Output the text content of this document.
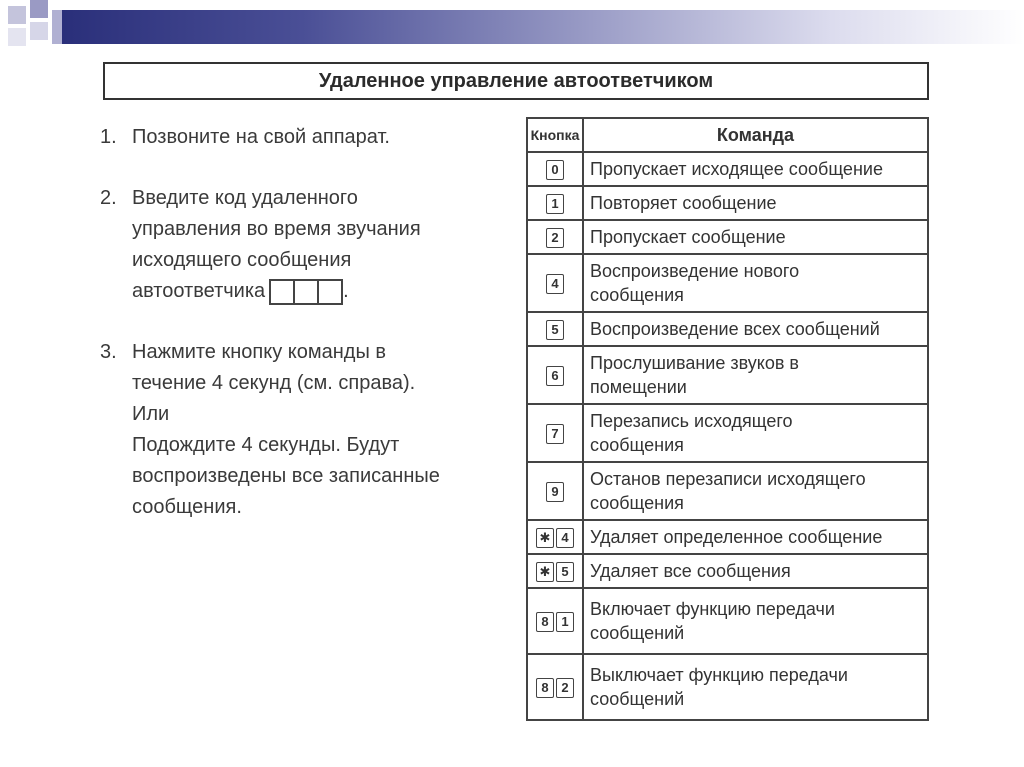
Удаленное управление автоответчиком
1. Позвоните на свой аппарат.
2. Введите код удаленного
управления во время звучания
исходящего сообщения
автоответчика	.
3. Нажмите кнопку команды в
течение 4 секунд (см. справа).
Или
Подождите 4 секунды. Будут
воспроизведены все записанные
сообщения.
Кнопка	Команда
0	Пропускает исходящее сообщение

1	Повторяет сообщение

2	Пропускает сообщение

4	Воспроизведение нового
сообщения

5	Воспроизведение всех сообщений

6	Прослушивание звуков в
помещении

7	Перезапись исходящего
сообщения

9	Останов перезаписи исходящего
сообщения

✱ 4	Удаляет определенное сообщение

✱ 5	Удаляет все сообщения

8 1	Включает функцию передачи
сообщений

8 2	Выключает функцию передачи
сообщений
